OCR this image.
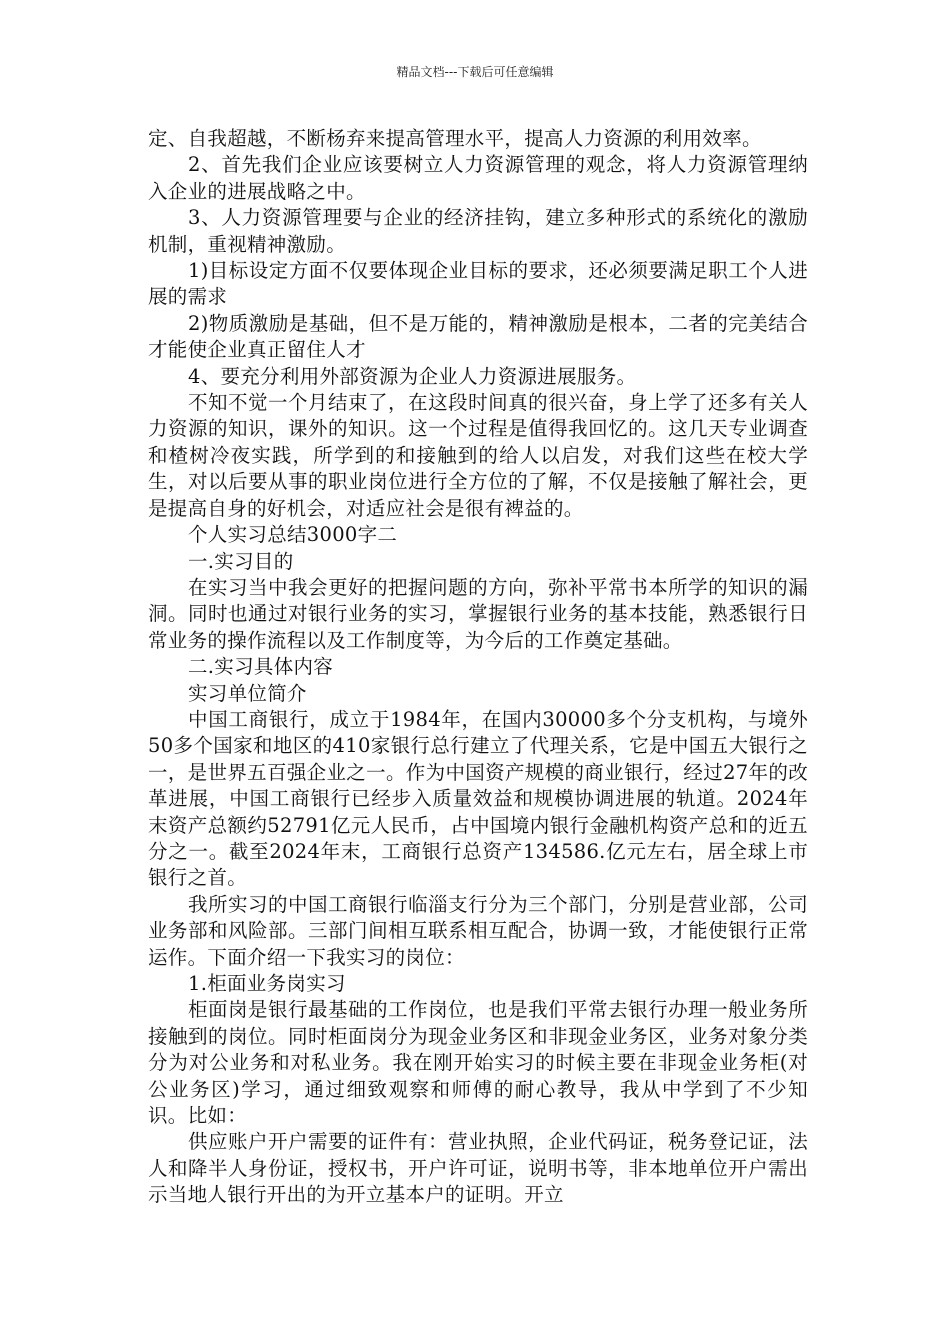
精品文档---下载后可任意编辑

定、自我超越，不断杨弃来提高管理水平，提高人力资源的利用效率。

2、首先我们企业应该要树立人力资源管理的观念，将人力资源管理纳入企业的进展战略之中。

3、人力资源管理要与企业的经济挂钩，建立多种形式的系统化的激励机制，重视精神激励。

1)目标设定方面不仅要体现企业目标的要求，还必须要满足职工个人进展的需求

2)物质激励是基础，但不是万能的，精神激励是根本，二者的完美结合才能使企业真正留住人才

4、要充分利用外部资源为企业人力资源进展服务。

不知不觉一个月结束了，在这段时间真的很兴奋，身上学了还多有关人力资源的知识，课外的知识。这一个过程是值得我回忆的。这几天专业调查和楂树冷夜实践，所学到的和接触到的给人以启发，对我们这些在校大学生，对以后要从事的职业岗位进行全方位的了解，不仅是接触了解社会，更是提高自身的好机会，对适应社会是很有裨益的。

个人实习总结3000字二

一.实习目的

在实习当中我会更好的把握问题的方向，弥补平常书本所学的知识的漏洞。同时也通过对银行业务的实习，掌握银行业务的基本技能，熟悉银行日常业务的操作流程以及工作制度等，为今后的工作奠定基础。

二.实习具体内容

实习单位简介

中国工商银行，成立于1984年，在国内30000多个分支机构，与境外50多个国家和地区的410家银行总行建立了代理关系，它是中国五大银行之一，是世界五百强企业之一。作为中国资产规模的商业银行，经过27年的改革进展，中国工商银行已经步入质量效益和规模协调进展的轨道。2024年末资产总额约52791亿元人民币，占中国境内银行金融机构资产总和的近五分之一。截至2024年末，工商银行总资产134586.亿元左右，居全球上市银行之首。

我所实习的中国工商银行临淄支行分为三个部门，分别是营业部，公司业务部和风险部。三部门间相互联系相互配合，协调一致，才能使银行正常运作。下面介绍一下我实习的岗位：

1.柜面业务岗实习

柜面岗是银行最基础的工作岗位，也是我们平常去银行办理一般业务所接触到的岗位。同时柜面岗分为现金业务区和非现金业务区，业务对象分类分为对公业务和对私业务。我在刚开始实习的时候主要在非现金业务柜(对公业务区)学习，通过细致观察和师傅的耐心教导，我从中学到了不少知识。比如：

供应账户开户需要的证件有：营业执照，企业代码证，税务登记证，法人和降半人身份证，授权书，开户许可证，说明书等，非本地单位开户需出示当地人银行开出的为开立基本户的证明。开立
